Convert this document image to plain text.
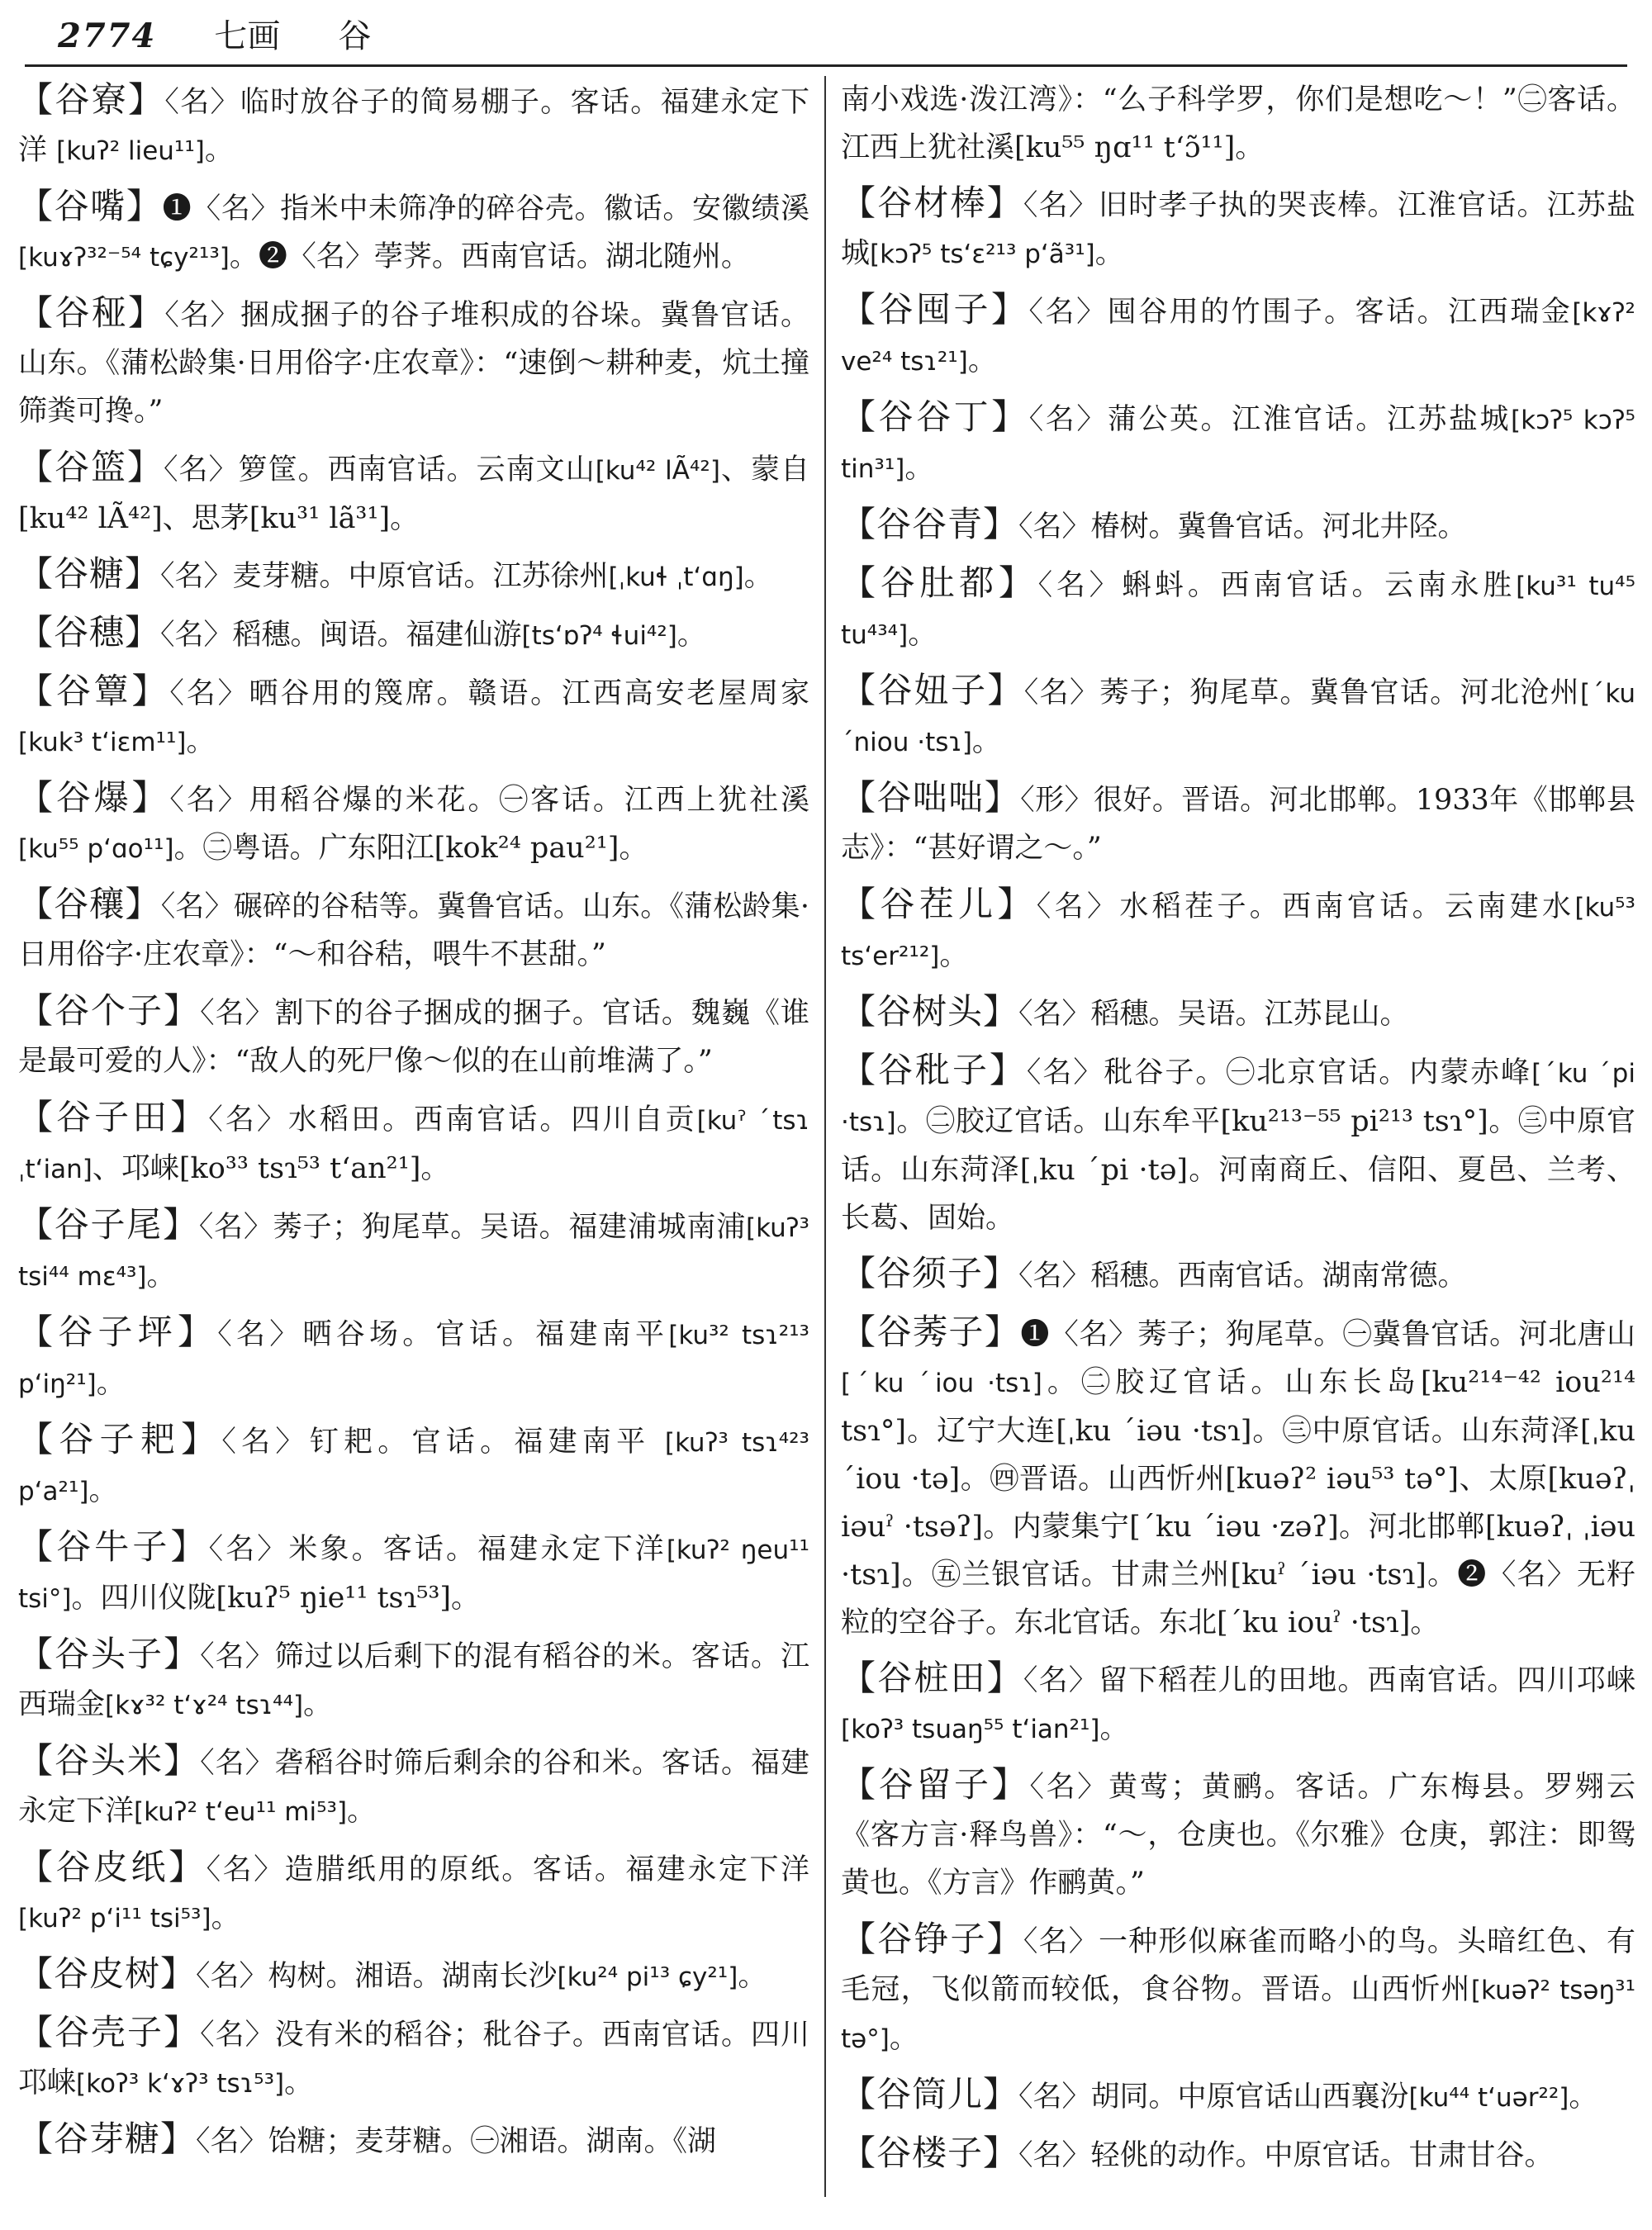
2774 七画 谷
【谷寮】〈名〉临时放谷子的简易棚子。客话。福建永定下洋 [kuʔ² lieu¹¹]。
【谷嘴】❶〈名〉指米中未筛净的碎谷壳。徽话。安徽绩溪[kuɤʔ³²⁻⁵⁴ tɕy²¹³]。❷〈名〉荸荠。西南官话。湖北随州。
【谷䅉】〈名〉捆成捆子的谷子堆积成的谷垛。冀鲁官话。山东。《蒲松龄集·日用俗字·庄农章》：“速倒～耕种麦，炕土撞筛粪可搀。”
【谷篮】〈名〉箩筐。西南官话。云南文山[ku⁴² lÃ⁴²]、蒙自[ku⁴² lÃ⁴²]、思茅[ku³¹ lã³¹]。
【谷糖】〈名〉麦芽糖。中原官话。江苏徐州[ˌkuɬ ˌtʻɑŋ]。
【谷穗】〈名〉稻穗。闽语。福建仙游[tsʻɒʔ⁴ ɬui⁴²]。
【谷簟】〈名〉晒谷用的篾席。赣语。江西高安老屋周家[kuk³ tʻiɛm¹¹]。
【谷爆】〈名〉用稻谷爆的米花。㊀客话。江西上犹社溪[ku⁵⁵ pʻɑo¹¹]。㊁粤语。广东阳江[kok²⁴ pau²¹]。
【谷穰】〈名〉碾碎的谷秸等。冀鲁官话。山东。《蒲松龄集·日用俗字·庄农章》：“～和谷秸，喂牛不甚甜。”
【谷个子】〈名〉割下的谷子捆成的捆子。官话。魏巍《谁是最可爱的人》：“敌人的死尸像～似的在山前堆满了。”
【谷子田】〈名〉水稻田。西南官话。四川自贡[kuˀ ˊtsɿ ˌtʻian]、邛崃[ko³³ tsɿ⁵³ tʻan²¹]。
【谷子尾】〈名〉莠子；狗尾草。吴语。福建浦城南浦[kuʔ³ tsi⁴⁴ mɛ⁴³]。
【谷子坪】〈名〉晒谷场。官话。福建南平[ku³² tsɿ²¹³ pʻiŋ²¹]。
【谷子耙】〈名〉钉耙。官话。福建南平 [kuʔ³ tsɿ⁴²³ pʻa²¹]。
【谷牛子】〈名〉米象。客话。福建永定下洋[kuʔ² ŋeu¹¹ tsi°]。四川仪陇[kuʔ⁵ ŋie¹¹ tsɿ⁵³]。
【谷头子】〈名〉筛过以后剩下的混有稻谷的米。客话。江西瑞金[kɤ³² tʻɤ²⁴ tsɿ⁴⁴]。
【谷头米】〈名〉砻稻谷时筛后剩余的谷和米。客话。福建永定下洋[kuʔ² tʻeu¹¹ mi⁵³]。
【谷皮纸】〈名〉造腊纸用的原纸。客话。福建永定下洋[kuʔ² pʻi¹¹ tsi⁵³]。
【谷皮树】〈名〉构树。湘语。湖南长沙[ku²⁴ pi¹³ ɕy²¹]。
【谷壳子】〈名〉没有米的稻谷；秕谷子。西南官话。四川邛崃[koʔ³ kʻɤʔ³ tsɿ⁵³]。
【谷芽糖】〈名〉饴糖；麦芽糖。㊀湘语。湖南。《湖
南小戏选·泼江湾》：“么子科学罗，你们是想吃～！”㊁客话。江西上犹社溪[ku⁵⁵ ŋɑ¹¹ tʻɔ̃¹¹]。
【谷材棒】〈名〉旧时孝子执的哭丧棒。江淮官话。江苏盐城[kɔʔ⁵ tsʻɛ²¹³ pʻã³¹]。
【谷囤子】〈名〉囤谷用的竹围子。客话。江西瑞金[kɤʔ² ve²⁴ tsɿ²¹]。
【谷谷丁】〈名〉蒲公英。江淮官话。江苏盐城[kɔʔ⁵ kɔʔ⁵ tin³¹]。
【谷谷青】〈名〉椿树。冀鲁官话。河北井陉。
【谷肚都】〈名〉蝌蚪。西南官话。云南永胜[ku³¹ tu⁴⁵ tu⁴³⁴]。
【谷妞子】〈名〉莠子；狗尾草。冀鲁官话。河北沧州[ˊku ˊniou ·tsɿ]。
【谷咄咄】〈形〉很好。晋语。河北邯郸。1933年《邯郸县志》：“甚好谓之～。”
【谷茬儿】〈名〉水稻茬子。西南官话。云南建水[ku⁵³ tsʻer²¹²]。
【谷树头】〈名〉稻穗。吴语。江苏昆山。
【谷秕子】〈名〉秕谷子。㊀北京官话。内蒙赤峰[ˊku ˊpi ·tsɿ]。㊁胶辽官话。山东牟平[ku²¹³⁻⁵⁵ pi²¹³ tsɿ°]。㊂中原官话。山东菏泽[ˌku ˊpi ·tə]。河南商丘、信阳、夏邑、兰考、长葛、固始。
【谷须子】〈名〉稻穗。西南官话。湖南常德。
【谷莠子】❶〈名〉莠子；狗尾草。㊀冀鲁官话。河北唐山[ˊku ˊiou ·tsɿ]。㊁胶辽官话。山东长岛[ku²¹⁴⁻⁴² iou²¹⁴ tsɿ°]。辽宁大连[ˌku ˊiəu ·tsɿ]。㊂中原官话。山东菏泽[ˌku ˊiou ·tə]。㊃晋语。山西忻州[kuəʔ² iəu⁵³ tə°]、太原[kuəʔˌ iəuˀ ·tsəʔ]。内蒙集宁[ˊku ˊiəu ·zəʔ]。河北邯郸[kuəʔˌ ˌiəu ·tsɿ]。㊄兰银官话。甘肃兰州[kuˀ ˊiəu ·tsɿ]。❷〈名〉无籽粒的空谷子。东北官话。东北[ˊku iouˀ ·tsɿ]。
【谷桩田】〈名〉留下稻茬儿的田地。西南官话。四川邛崃[koʔ³ tsuaŋ⁵⁵ tʻian²¹]。
【谷留子】〈名〉黄莺；黄鹂。客话。广东梅县。罗翙云《客方言·释鸟兽》：“～，仓庚也。《尔雅》仓庚，郭注：即鸳黄也。《方言》作鹂黄。”
【谷铮子】〈名〉一种形似麻雀而略小的鸟。头暗红色、有毛冠，飞似箭而较低，食谷物。晋语。山西忻州[kuəʔ² tsəŋ³¹ tə°]。
【谷筒儿】〈名〉胡同。中原官话山西襄汾[ku⁴⁴ tʻuər²²]。
【谷楼子】〈名〉轻佻的动作。中原官话。甘肃甘谷。
